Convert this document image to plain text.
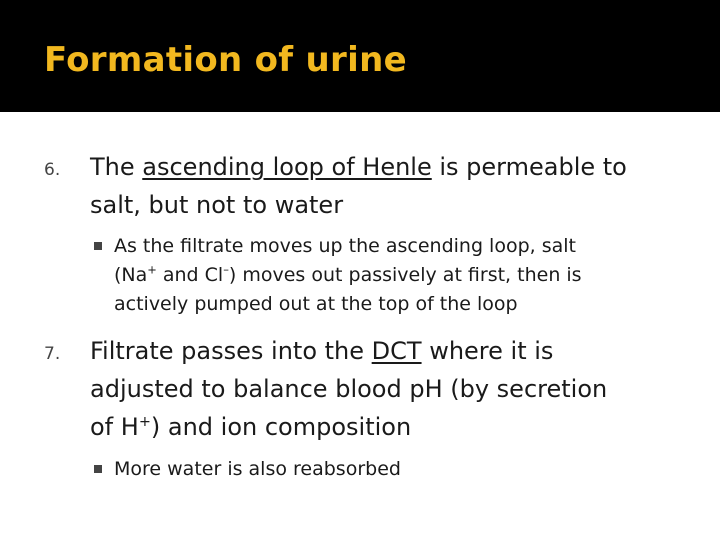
Formation of urine
6.	The ascending loop of Henle is permeable to
salt, but not to water

As the filtrate moves up the ascending loop, salt
(Na+ and Cl–) moves out passively at first, then is
actively pumped out at the top of the loop

7.	Filtrate passes into the DCT where it is
adjusted to balance blood pH (by secretion
of H+) and ion composition

More water is also reabsorbed
